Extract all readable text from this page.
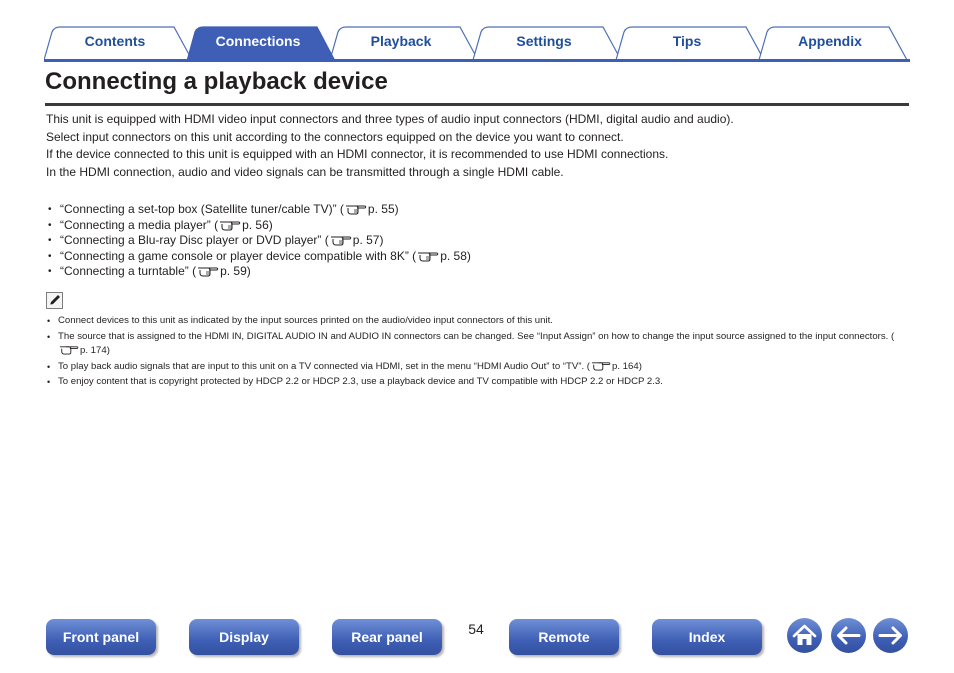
Contents	Connections	Playback	Settings	Tips	Appendix
Connecting a playback device

This unit is equipped with HDMI video input connectors and three types of audio input connectors (HDMI, digital audio and audio).

Select input connectors on this unit according to the connectors equipped on the device you want to connect.

If the device connected to this unit is equipped with an HDMI connector, it is recommended to use HDMI connections.

In the HDMI connection, audio and video signals can be transmitted through a single HDMI cable.

• “Connecting a set-top box (Satellite tuner/cable TV)” ( p. 55)
• “Connecting a media player” ( p. 56)
• “Connecting a Blu-ray Disc player or DVD player” ( p. 57)
• “Connecting a game console or player device compatible with 8K” ( p. 58)
• “Connecting a turntable” ( p. 59)
• Connect devices to this unit as indicated by the input sources printed on the audio/video input connectors of this unit.
• The source that is assigned to the HDMI IN, DIGITAL AUDIO IN and AUDIO IN connectors can be changed. See “Input Assign” on how to change the input source assigned to the input connectors. (p. 174)
• To play back audio signals that are input to this unit on a TV connected via HDMI, set in the menu “HDMI Audio Out” to “TV”. ( p. 164)
• To enjoy content that is copyright protected by HDCP 2.2 or HDCP 2.3, use a playback device and TV compatible with HDCP 2.2 or HDCP 2.3.
Front panel	Display	Rear panel	54	Remote	Index
